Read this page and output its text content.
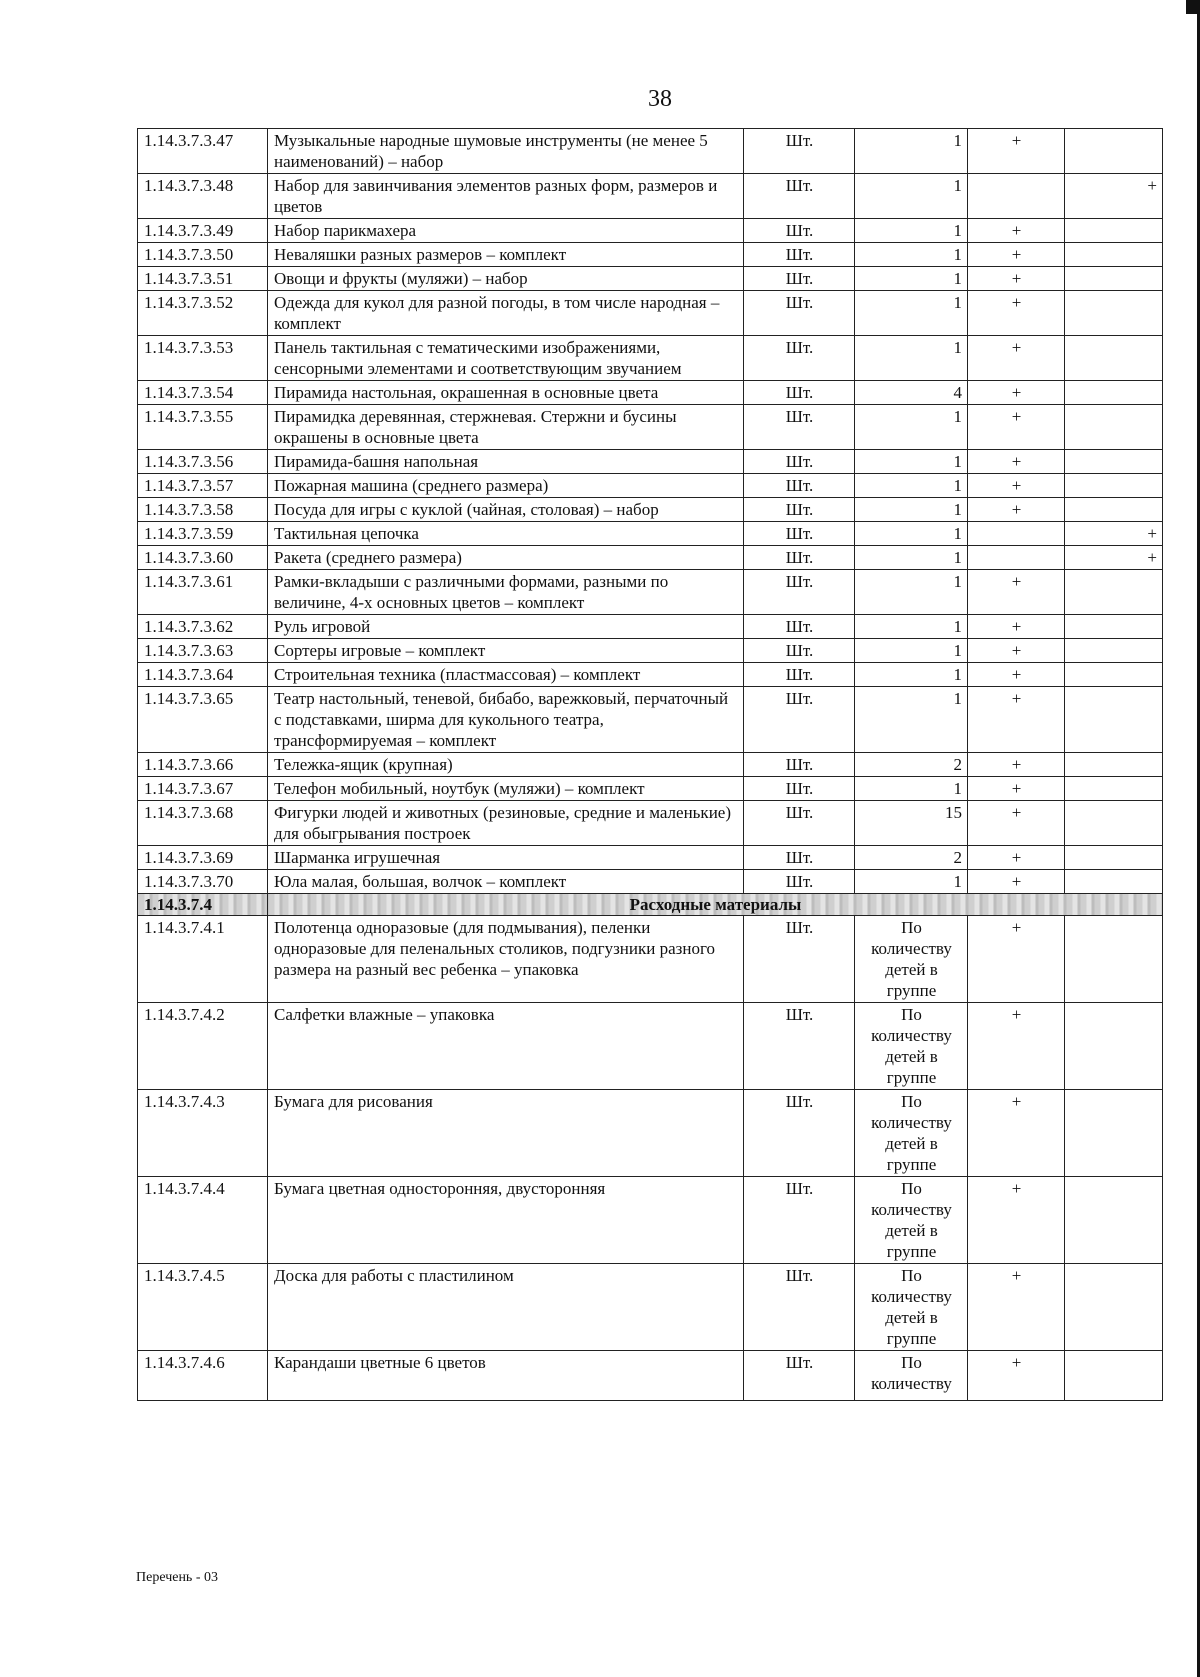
38
1.14.3.7.3.47	Музыкальные народные шумовые инструменты (не менее 5 наименований) – набор	Шт.	1	+	
1.14.3.7.3.48	Набор для завинчивания элементов разных форм, размеров и цветов	Шт.	1		+
1.14.3.7.3.49	Набор парикмахера	Шт.	1	+	
1.14.3.7.3.50	Неваляшки разных размеров – комплект	Шт.	1	+	
1.14.3.7.3.51	Овощи и фрукты (муляжи) – набор	Шт.	1	+	
1.14.3.7.3.52	Одежда для кукол для разной погоды, в том числе народная – комплект	Шт.	1	+	
1.14.3.7.3.53	Панель тактильная с тематическими изображениями, сенсорными элементами и соответствующим звучанием	Шт.	1	+	
1.14.3.7.3.54	Пирамида настольная, окрашенная в основные цвета	Шт.	4	+	
1.14.3.7.3.55	Пирамидка деревянная, стержневая. Стержни и бусины окрашены в основные цвета	Шт.	1	+	
1.14.3.7.3.56	Пирамида-башня напольная	Шт.	1	+	
1.14.3.7.3.57	Пожарная машина (среднего размера)	Шт.	1	+	
1.14.3.7.3.58	Посуда для игры с куклой (чайная, столовая) – набор	Шт.	1	+	
1.14.3.7.3.59	Тактильная цепочка	Шт.	1		+
1.14.3.7.3.60	Ракета (среднего размера)	Шт.	1		+
1.14.3.7.3.61	Рамки-вкладыши с различными формами, разными по величине, 4-х основных цветов – комплект	Шт.	1	+	
1.14.3.7.3.62	Руль игровой	Шт.	1	+	
1.14.3.7.3.63	Сортеры игровые – комплект	Шт.	1	+	
1.14.3.7.3.64	Строительная техника (пластмассовая) – комплект	Шт.	1	+	
1.14.3.7.3.65	Театр настольный, теневой, бибабо, варежковый, перчаточный с подставками, ширма для кукольного театра, трансформируемая – комплект	Шт.	1	+	
1.14.3.7.3.66	Тележка-ящик (крупная)	Шт.	2	+	
1.14.3.7.3.67	Телефон мобильный, ноутбук (муляжи) – комплект	Шт.	1	+	
1.14.3.7.3.68	Фигурки людей и животных (резиновые, средние и маленькие) для обыгрывания построек	Шт.	15	+	
1.14.3.7.3.69	Шарманка игрушечная	Шт.	2	+	
1.14.3.7.3.70	Юла малая, большая, волчок – комплект	Шт.	1	+	
1.14.3.7.4	Расходные материалы				
1.14.3.7.4.1	Полотенца одноразовые (для подмывания), пеленки одноразовые для пеленальных столиков, подгузники разного размера на разный вес ребенка – упаковка	Шт.	По количеству детей в группе	+	
1.14.3.7.4.2	Салфетки влажные – упаковка	Шт.	По количеству детей в группе	+	
1.14.3.7.4.3	Бумага для рисования	Шт.	По количеству детей в группе	+	
1.14.3.7.4.4	Бумага цветная односторонняя, двусторонняя	Шт.	По количеству детей в группе	+	
1.14.3.7.4.5	Доска для работы с пластилином	Шт.	По количеству детей в группе	+	
1.14.3.7.4.6	Карандаши цветные 6 цветов	Шт.	По количеству	+	
Перечень - 03
